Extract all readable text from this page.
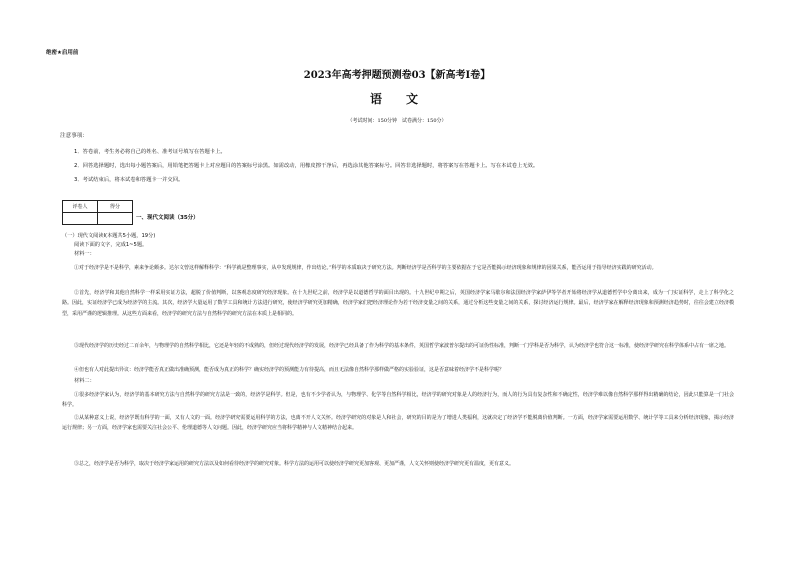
绝密★启用前
2023年高考押题预测卷03【新高考Ⅰ卷】
语　文
（考试时间：150分钟　试卷满分：150分）
注意事项：
1．答卷前，考生务必将自己的姓名、准考证号填写在答题卡上。
2．回答选择题时，选出每小题答案后，用铅笔把答题卡上对应题目的答案标号涂黑。如需改动，用橡皮擦干净后，再选涂其他答案标号。回答非选择题时，将答案写在答题卡上。写在本试卷上无效。
3．考试结束后，将本试卷和答题卡一并交回。
评卷人	得分

一、现代文阅读（35分）
（一）现代文阅读Ⅰ(本题共5小题，19分)
阅读下面的文字，完成1~5题。
材料一：

①对于经济学是不是科学，素来争论颇多。达尔文曾这样解释科学：“科学就是整理事实，从中发现规律，作出结论。”科学的本质取决于研究方法。判断经济学是否科学的主要依据在于它是否能揭示经济现象和规律的因果关系，能否运用于指导经济实践的研究活动。

②首先，经济学和其他自然科学一样采用实证方法，超脱了价值判断，以客观态度研究经济现象。在十九世纪之前，经济学是以道德哲学的面目出现的。十九世纪中期之后，英国经济学家马歇尔和法国经济学家萨伊等学者开始将经济学从道德哲学中分离出来，成为一门实证科学，走上了科学化之路。因此，实证经济学已成为经济学的主流。其次，经济学大量运用了数学工具和统计方法进行研究，使经济学研究更加精确，经济学家们把经济理论作为若干经济变量之间的关系，通过分析这些变量之间的关系，探讨经济运行规律。最后，经济学家在解释经济现象和预测经济趋势时，往往会建立经济模型，采用严谨的逻辑推理。从这些方面来看，经济学的研究方法与自然科学的研究方法在本质上是相同的。

③现代经济学的历史经过二百余年，与物理学的自然科学相比，它还是年轻的不成熟的，但经过现代经济学的发展，经济学已经具备了作为科学的基本条件，英国哲学家波普尔提出的可证伪性标准，判断一门学科是否为科学，认为经济学也符合这一标准，使经济学研究在科学体系中占有一席之地。

④但也有人对此提出异议：经济学能否真正做出准确预测，能否成为真正的科学？确实经济学的预测能力有待提高，而且无法像自然科学那样做严格的实验验证，这是否意味着经济学不是科学呢？

材料二：

①很多经济学家认为，经济学的基本研究方法与自然科学的研究方法是一致的，经济学是科学。但是，也有不少学者认为，与物理学、化学等自然科学相比，经济学的研究对象是人的经济行为，而人的行为具有复杂性和不确定性，经济学难以像自然科学那样得出精确的结论，因此只能算是一门社会科学。

②从某种意义上说，经济学既有科学的一面，又有人文的一面。经济学研究需要运用科学的方法，也离不开人文关怀。经济学研究的对象是人和社会，研究的目的是为了增进人类福利，这就决定了经济学不能脱离价值判断。一方面，经济学家需要运用数学、统计学等工具来分析经济现象，揭示经济运行规律；另一方面，经济学家也需要关注社会公平、伦理道德等人文问题。因此，经济学研究应当将科学精神与人文精神结合起来。

③总之，经济学是否为科学，取决于经济学家运用的研究方法以及如何看待经济学的研究对象。科学方法的运用可以使经济学研究更加客观、更加严谨，人文关怀则使经济学研究更有温度，更有意义。
